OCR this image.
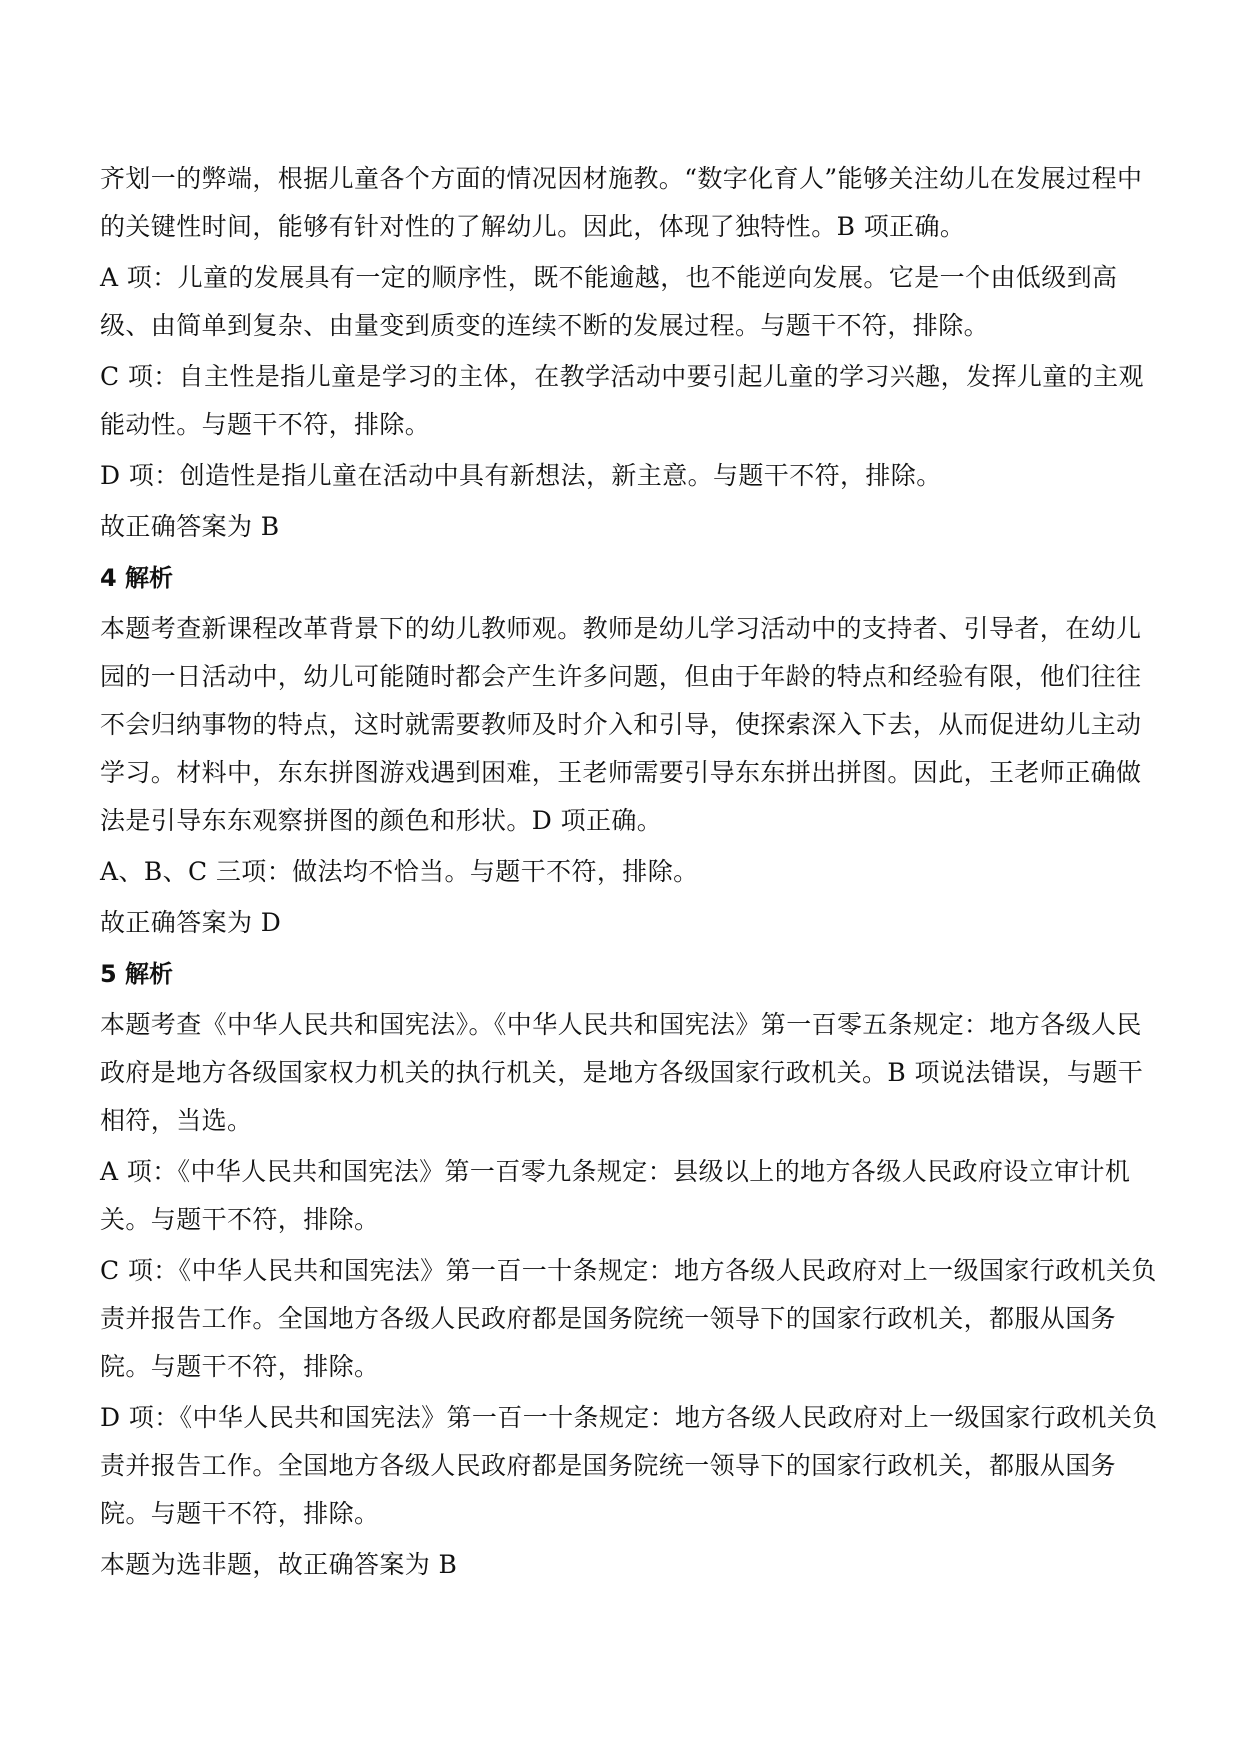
齐划一的弊端，根据儿童各个方面的情况因材施教。“数字化育人”能够关注幼儿在发展过程中的关键性时间，能够有针对性的了解幼儿。因此，体现了独特性。B 项正确。

A 项：儿童的发展具有一定的顺序性，既不能逾越，也不能逆向发展。它是一个由低级到高级、由简单到复杂、由量变到质变的连续不断的发展过程。与题干不符，排除。

C 项：自主性是指儿童是学习的主体，在教学活动中要引起儿童的学习兴趣，发挥儿童的主观能动性。与题干不符，排除。

D 项：创造性是指儿童在活动中具有新想法，新主意。与题干不符，排除。

故正确答案为 B

4 解析

本题考查新课程改革背景下的幼儿教师观。教师是幼儿学习活动中的支持者、引导者，在幼儿园的一日活动中，幼儿可能随时都会产生许多问题，但由于年龄的特点和经验有限，他们往往不会归纳事物的特点，这时就需要教师及时介入和引导，使探索深入下去，从而促进幼儿主动学习。材料中，东东拼图游戏遇到困难，王老师需要引导东东拼出拼图。因此，王老师正确做法是引导东东观察拼图的颜色和形状。D 项正确。

A、B、C 三项：做法均不恰当。与题干不符，排除。

故正确答案为 D

5 解析

本题考查《中华人民共和国宪法》。《中华人民共和国宪法》第一百零五条规定：地方各级人民政府是地方各级国家权力机关的执行机关，是地方各级国家行政机关。B 项说法错误，与题干相符，当选。

A 项：《中华人民共和国宪法》第一百零九条规定：县级以上的地方各级人民政府设立审计机关。与题干不符，排除。

C 项：《中华人民共和国宪法》第一百一十条规定：地方各级人民政府对上一级国家行政机关负责并报告工作。全国地方各级人民政府都是国务院统一领导下的国家行政机关，都服从国务院。与题干不符，排除。

D 项：《中华人民共和国宪法》第一百一十条规定：地方各级人民政府对上一级国家行政机关负责并报告工作。全国地方各级人民政府都是国务院统一领导下的国家行政机关，都服从国务院。与题干不符，排除。

本题为选非题，故正确答案为 B
